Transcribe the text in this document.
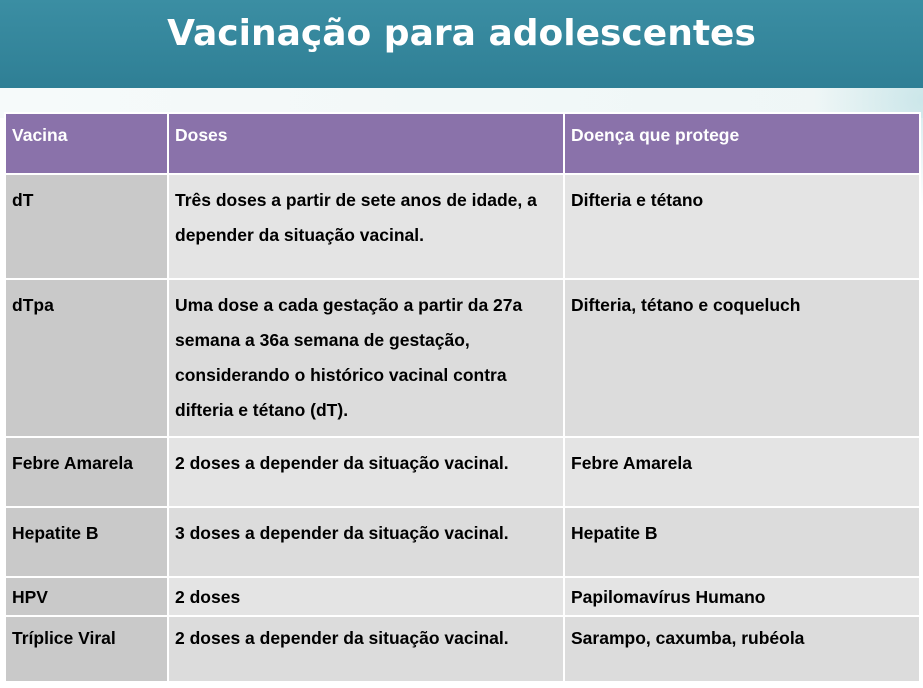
Vacinação para adolescentes
Vacina	Doses	Doença que protege
dT	Três doses a partir de sete anos de idade, a depender da situação vacinal.	Difteria e tétano
dTpa	Uma dose a cada gestação a partir da 27a semana a 36a semana de gestação, considerando o histórico vacinal contra difteria e tétano (dT).	Difteria, tétano e coqueluch
Febre Amarela	2 doses a depender da situação vacinal.	Febre Amarela
Hepatite B	3 doses a depender da situação vacinal.	Hepatite B
HPV	2 doses	Papilomavírus Humano
Tríplice Viral	2 doses a depender da situação vacinal.	Sarampo, caxumba, rubéola
